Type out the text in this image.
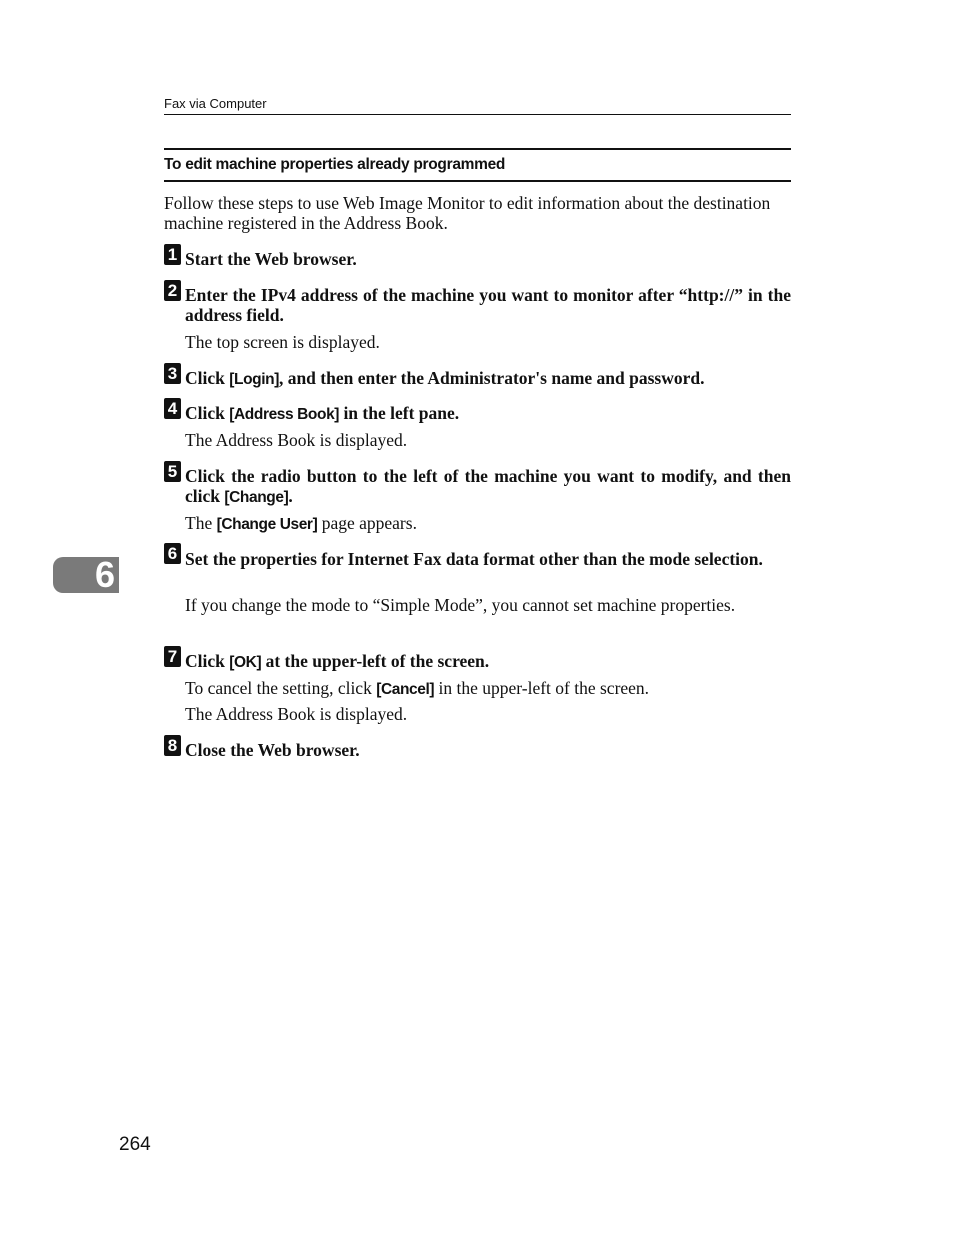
Fax via Computer
To edit machine properties already programmed

Follow these steps to use Web Image Monitor to edit information about the destination machine registered in the Address Book.

1 Start the Web browser.

2 Enter the IPv4 address of the machine you want to monitor after “http://” in the address field.

The top screen is displayed.

3 Click [Login], and then enter the Administrator's name and password.

4 Click [Address Book] in the left pane.

The Address Book is displayed.

5 Click the radio button to the left of the machine you want to modify, and then click [Change].

The [Change User] page appears.

6 Set the properties for Internet Fax data format other than the mode selection.

If you change the mode to “Simple Mode”, you cannot set machine properties.

7 Click [OK] at the upper-left of the screen.

To cancel the setting, click [Cancel] in the upper-left of the screen.

The Address Book is displayed.

8 Close the Web browser.

6
264
